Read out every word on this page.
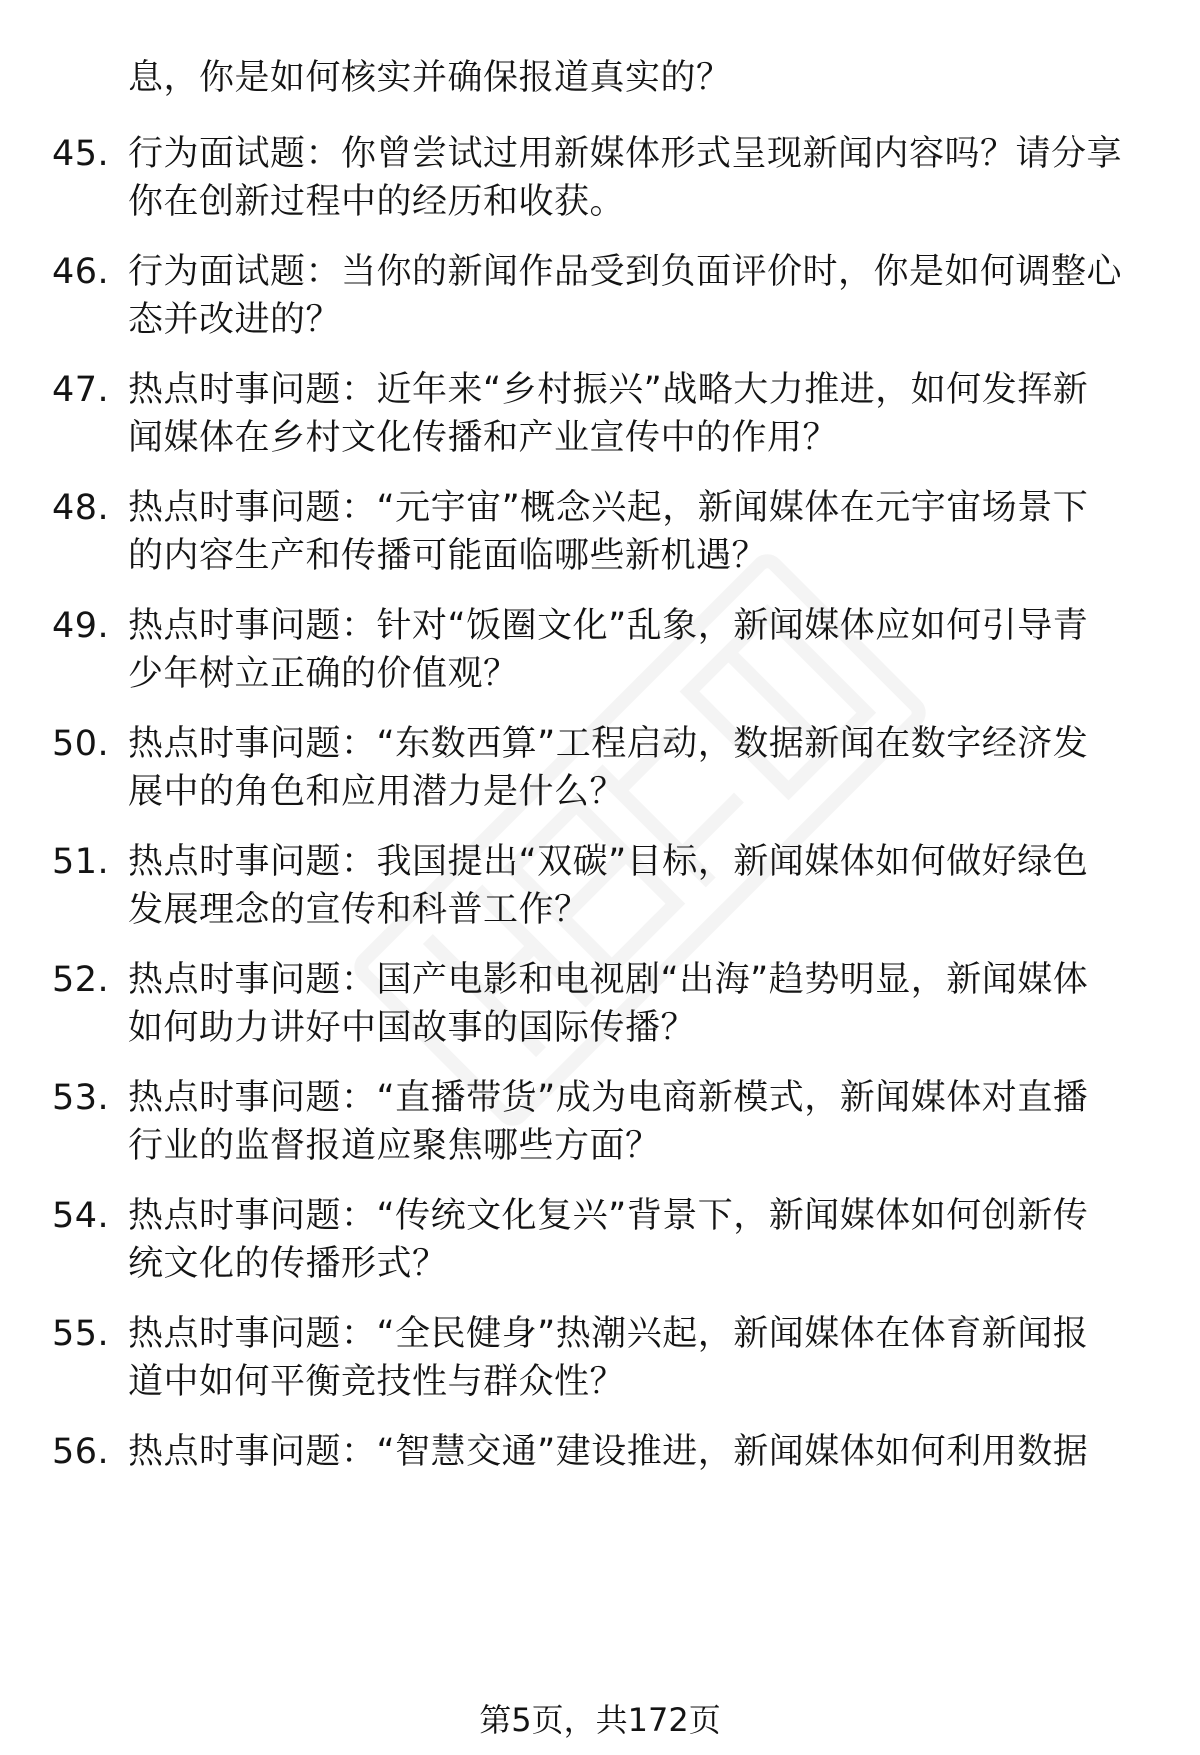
息，你是如何核实并确保报道真实的？
45. 行为面试题：你曾尝试过用新媒体形式呈现新闻内容吗？请分享
你在创新过程中的经历和收获。
46. 行为面试题：当你的新闻作品受到负面评价时，你是如何调整心
态并改进的？
47. 热点时事问题：近年来“乡村振兴”战略大力推进，如何发挥新
闻媒体在乡村文化传播和产业宣传中的作用？
48. 热点时事问题：“元宇宙”概念兴起，新闻媒体在元宇宙场景下
的内容生产和传播可能面临哪些新机遇？
49. 热点时事问题：针对“饭圈文化”乱象，新闻媒体应如何引导青
少年树立正确的价值观？
50. 热点时事问题：“东数西算”工程启动，数据新闻在数字经济发
展中的角色和应用潜力是什么？
51. 热点时事问题：我国提出“双碳”目标，新闻媒体如何做好绿色
发展理念的宣传和科普工作？
52. 热点时事问题：国产电影和电视剧“出海”趋势明显，新闻媒体
如何助力讲好中国故事的国际传播？
53. 热点时事问题：“直播带货”成为电商新模式，新闻媒体对直播
行业的监督报道应聚焦哪些方面？
54. 热点时事问题：“传统文化复兴”背景下，新闻媒体如何创新传
统文化的传播形式？
55. 热点时事问题：“全民健身”热潮兴起，新闻媒体在体育新闻报
道中如何平衡竞技性与群众性？
56. 热点时事问题：“智慧交通”建设推进，新闻媒体如何利用数据
第5页，共172页
